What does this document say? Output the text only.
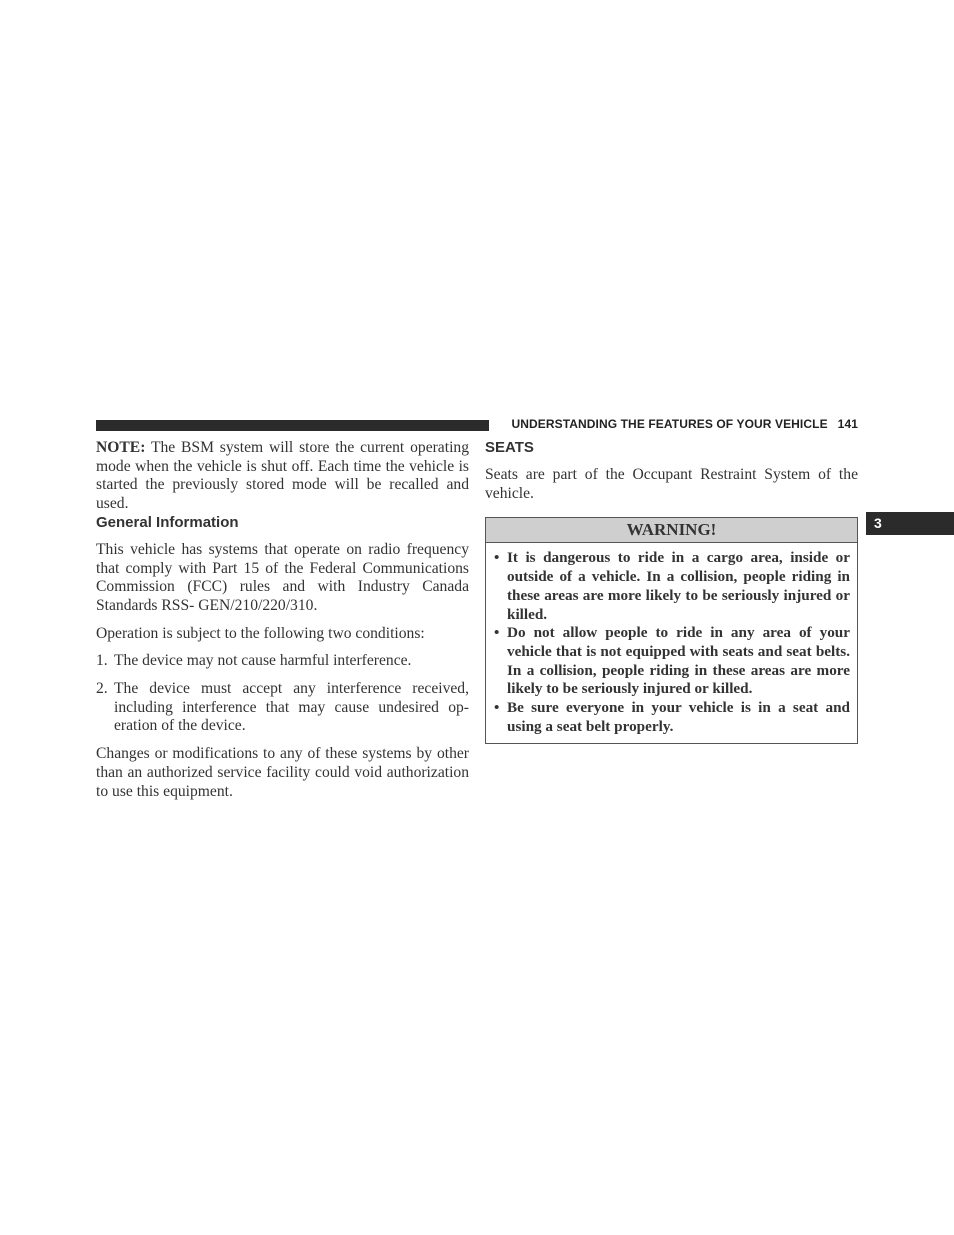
UNDERSTANDING THE FEATURES OF YOUR VEHICLE 141
3

NOTE: The BSM system will store the current operating mode when the vehicle is shut off. Each time the vehicle is started the previously stored mode will be recalled and used.

General Information

This vehicle has systems that operate on radio frequency that comply with Part 15 of the Federal Communications Commission (FCC) rules and with Industry Canada Standards RSS- GEN/210/220/310.

Operation is subject to the following two conditions:

1. The device may not cause harmful interference.
2. The device must accept any interference received, including interference that may cause undesired op-eration of the device.

Changes or modifications to any of these systems by other than an authorized service facility could void authorization to use this equipment.

SEATS

Seats are part of the Occupant Restraint System of the vehicle.

WARNING!
• It is dangerous to ride in a cargo area, inside or outside of a vehicle. In a collision, people riding in these areas are more likely to be seriously injured or killed.
• Do not allow people to ride in any area of your vehicle that is not equipped with seats and seat belts. In a collision, people riding in these areas are more likely to be seriously injured or killed.
• Be sure everyone in your vehicle is in a seat and using a seat belt properly.
